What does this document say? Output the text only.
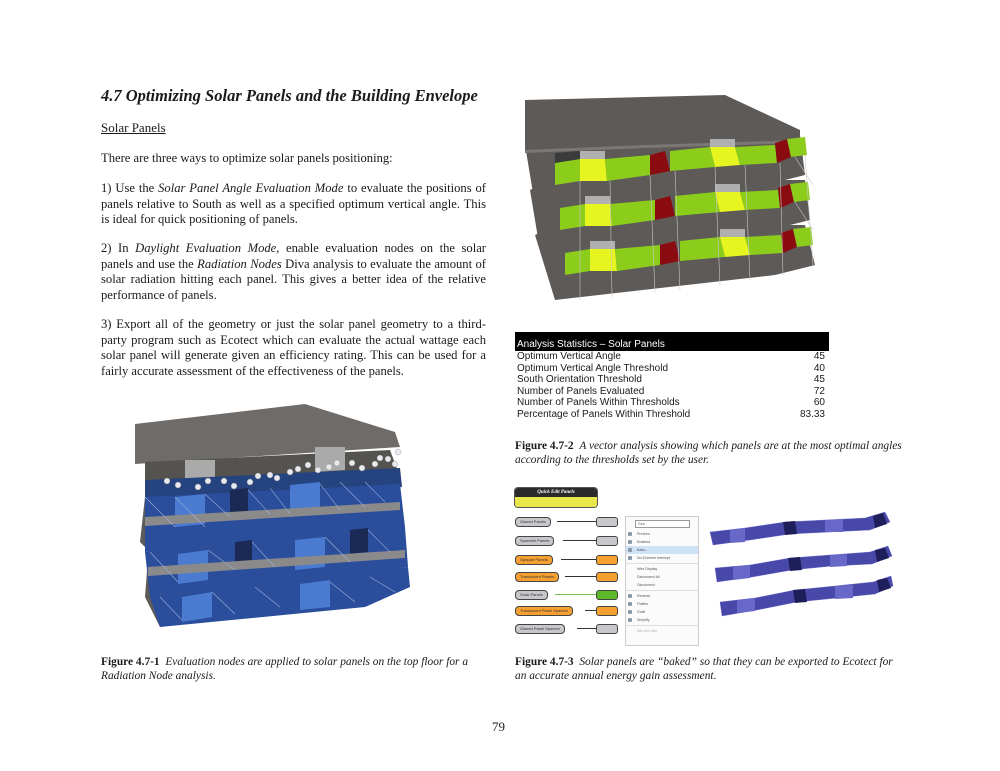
4.7 Optimizing Solar Panels and the Building Envelope
Solar Panels
There are three ways to optimize solar panels positioning:
1) Use the Solar Panel Angle Evaluation Mode to evaluate the positions of panels relative to South as well as a specified optimum vertical angle. This is ideal for quick positioning of panels.
2) In Daylight Evaluation Mode, enable evaluation nodes on the solar panels and use the Radiation Nodes Diva analysis to evaluate the amount of solar radiation hitting each panel. This gives a better idea of the relative performance of panels.
3) Export all of the geometry or just the solar panel geometry to a third-party program such as Ecotect which can evaluate the actual wattage each solar panel will generate given an efficiency rating. This can be used for a fairly accurate assessment of the effectiveness of the panels.
Analysis Statistics – Solar Panels
Optimum Vertical Angle	45
Optimum Vertical Angle Threshold	40
South Orientation Threshold	45
Number of Panels Evaluated	72
Number of Panels Within Thresholds	60
Percentage of Panels Within Threshold	83.33
Figure 4.7-2 A vector analysis showing which panels are at the most optimal angles according to the thresholds set by the user.
Figure 4.7-1 Evaluation nodes are applied to solar panels on the top floor for a Radiation Node analysis.
Quick Edit Panels
Glazed Panels
Spandrel Panels
Opaque Panels
Translucent Panels
Solar Panels
Translucent Panel Spacers
Glazed Panel Spacers
Geo
Preview
Enabled
Bake...
No Extreme Interrupt
Wire Display
Disconnect All
Disconnect
Reverse
Flatten
Graft
Simplify
Set one Geo
Figure 4.7-3 Solar panels are “baked” so that they can be exported to Ecotect for an accurate annual energy gain assessment.
79
